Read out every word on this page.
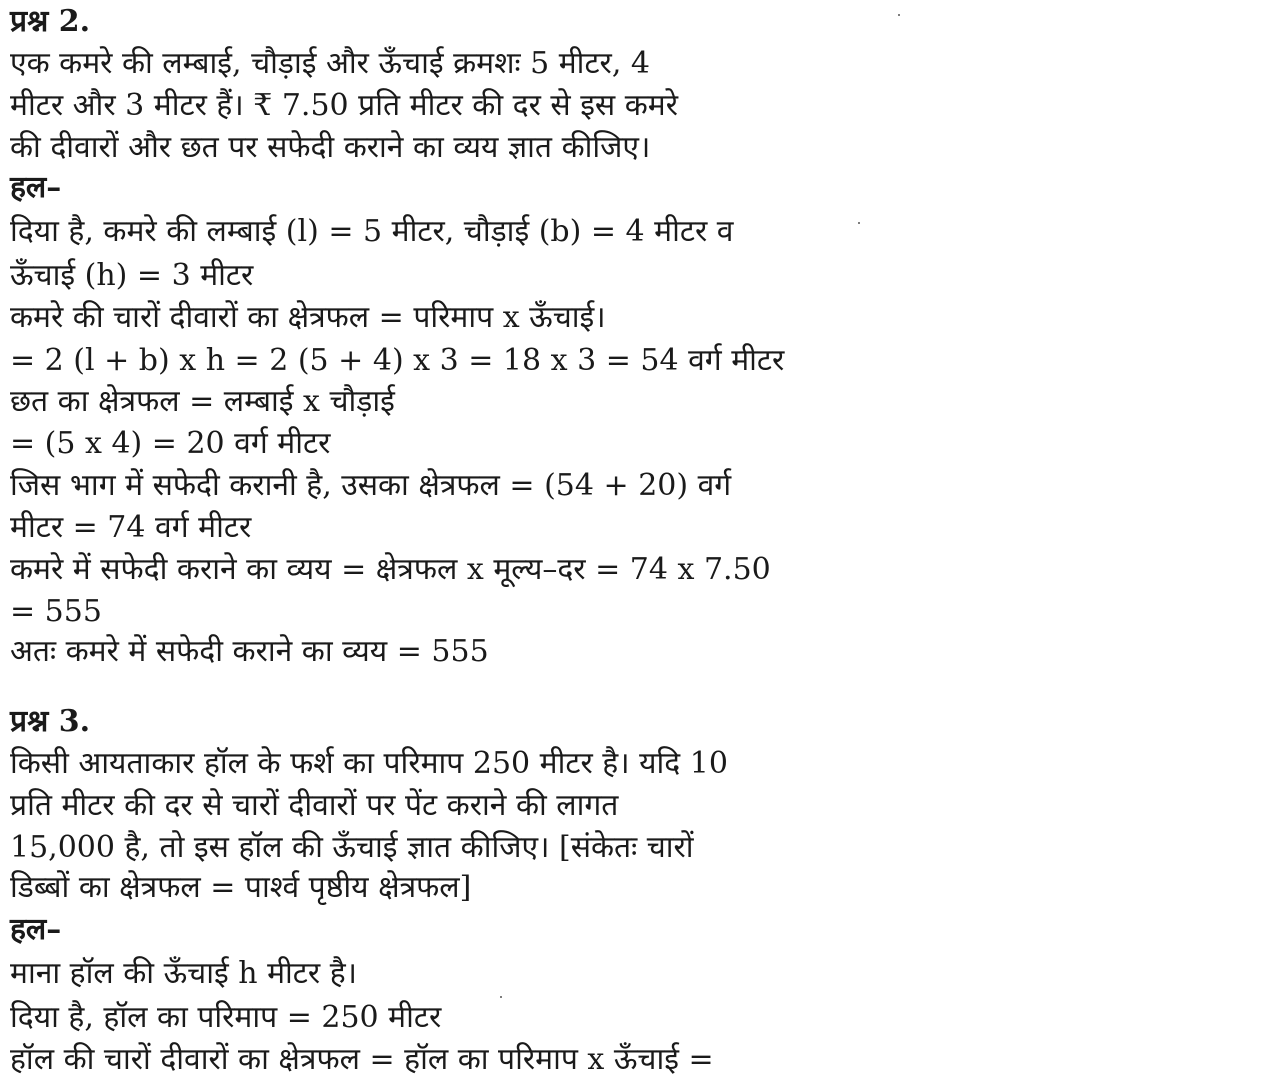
प्रश्न 2.
एक कमरे की लम्बाई, चौड़ाई और ऊँचाई क्रमशः 5 मीटर, 4
मीटर और 3 मीटर हैं। ₹ 7.50 प्रति मीटर की दर से इस कमरे
की दीवारों और छत पर सफेदी कराने का व्यय ज्ञात कीजिए।
हल–
दिया है, कमरे की लम्बाई (l) = 5 मीटर, चौड़ाई (b) = 4 मीटर व
ऊँचाई (h) = 3 मीटर
कमरे की चारों दीवारों का क्षेत्रफल = परिमाप x ऊँचाई।
= 2 (l + b) x h = 2 (5 + 4) x 3 = 18 x 3 = 54 वर्ग मीटर
छत का क्षेत्रफल = लम्बाई x चौड़ाई
= (5 x 4) = 20 वर्ग मीटर
जिस भाग में सफेदी करानी है, उसका क्षेत्रफल = (54 + 20) वर्ग
मीटर = 74 वर्ग मीटर
कमरे में सफेदी कराने का व्यय = क्षेत्रफल x मूल्य–दर = 74 x 7.50
= 555
अतः कमरे में सफेदी कराने का व्यय = 555
प्रश्न 3.
किसी आयताकार हॉल के फर्श का परिमाप 250 मीटर है। यदि 10
प्रति मीटर की दर से चारों दीवारों पर पेंट कराने की लागत
15,000 है, तो इस हॉल की ऊँचाई ज्ञात कीजिए। [संकेतः चारों
डिब्बों का क्षेत्रफल = पार्श्व पृष्ठीय क्षेत्रफल]
हल–
माना हॉल की ऊँचाई h मीटर है।
दिया है, हॉल का परिमाप = 250 मीटर
हॉल की चारों दीवारों का क्षेत्रफल = हॉल का परिमाप x ऊँचाई =
